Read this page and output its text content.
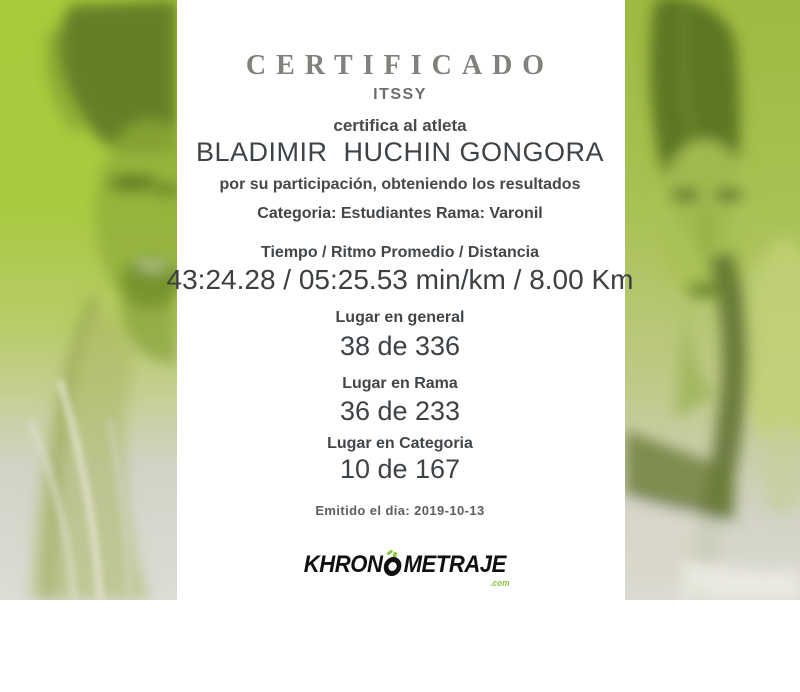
CERTIFICADO
ITSSY
certifica al atleta
BLADIMIR  HUCHIN GONGORA
por su participación, obteniendo los resultados
Categoria: Estudiantes Rama: Varonil
Tiempo / Ritmo Promedio / Distancia
43:24.28 / 05:25.53 min/km / 8.00 Km
Lugar en general
38 de 336
Lugar en Rama
36 de 233
Lugar en Categoria
10 de 167
Emitido el dia: 2019-10-13

KHRON

METRAJE
.com
